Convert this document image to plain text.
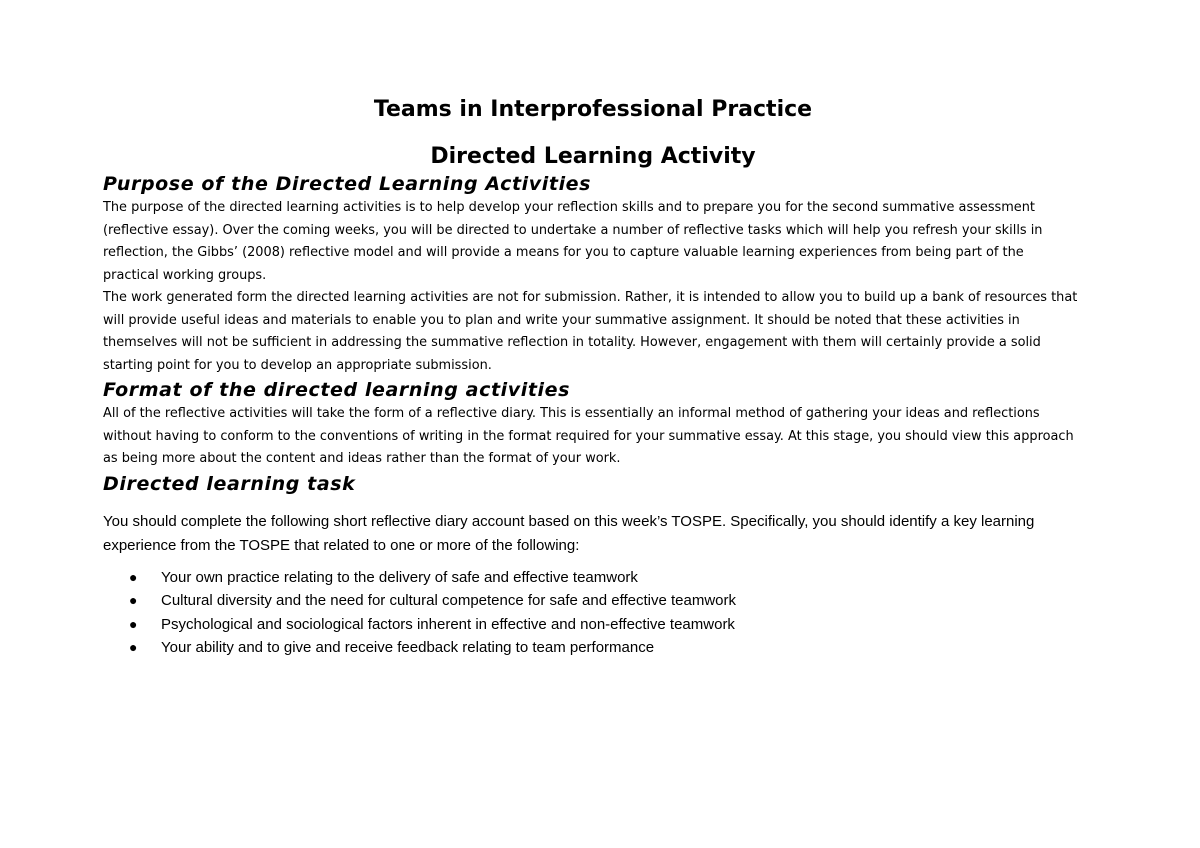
Teams in Interprofessional Practice
Directed Learning Activity
Purpose of the Directed Learning Activities

The purpose of the directed learning activities is to help develop your reflection skills and to prepare you for the second summative assessment (reflective essay). Over the coming weeks, you will be directed to undertake a number of reflective tasks which will help you refresh your skills in reflection, the Gibbs’ (2008) reflective model and will provide a means for you to capture valuable learning experiences from being part of the practical working groups.

The work generated form the directed learning activities are not for submission. Rather, it is intended to allow you to build up a bank of resources that will provide useful ideas and materials to enable you to plan and write your summative assignment. It should be noted that these activities in themselves will not be sufficient in addressing the summative reflection in totality. However, engagement with them will certainly provide a solid starting point for you to develop an appropriate submission.

Format of the directed learning activities

All of the reflective activities will take the form of a reflective diary. This is essentially an informal method of gathering your ideas and reflections without having to conform to the conventions of writing in the format required for your summative essay. At this stage, you should view this approach as being more about the content and ideas rather than the format of your work.

Directed learning task

You should complete the following short reflective diary account based on this week’s TOSPE. Specifically, you should identify a key learning experience from the TOSPE that related to one or more of the following:

● Your own practice relating to the delivery of safe and effective teamwork
● Cultural diversity and the need for cultural competence for safe and effective teamwork
● Psychological and sociological factors inherent in effective and non-effective teamwork
● Your ability and to give and receive feedback relating to team performance
